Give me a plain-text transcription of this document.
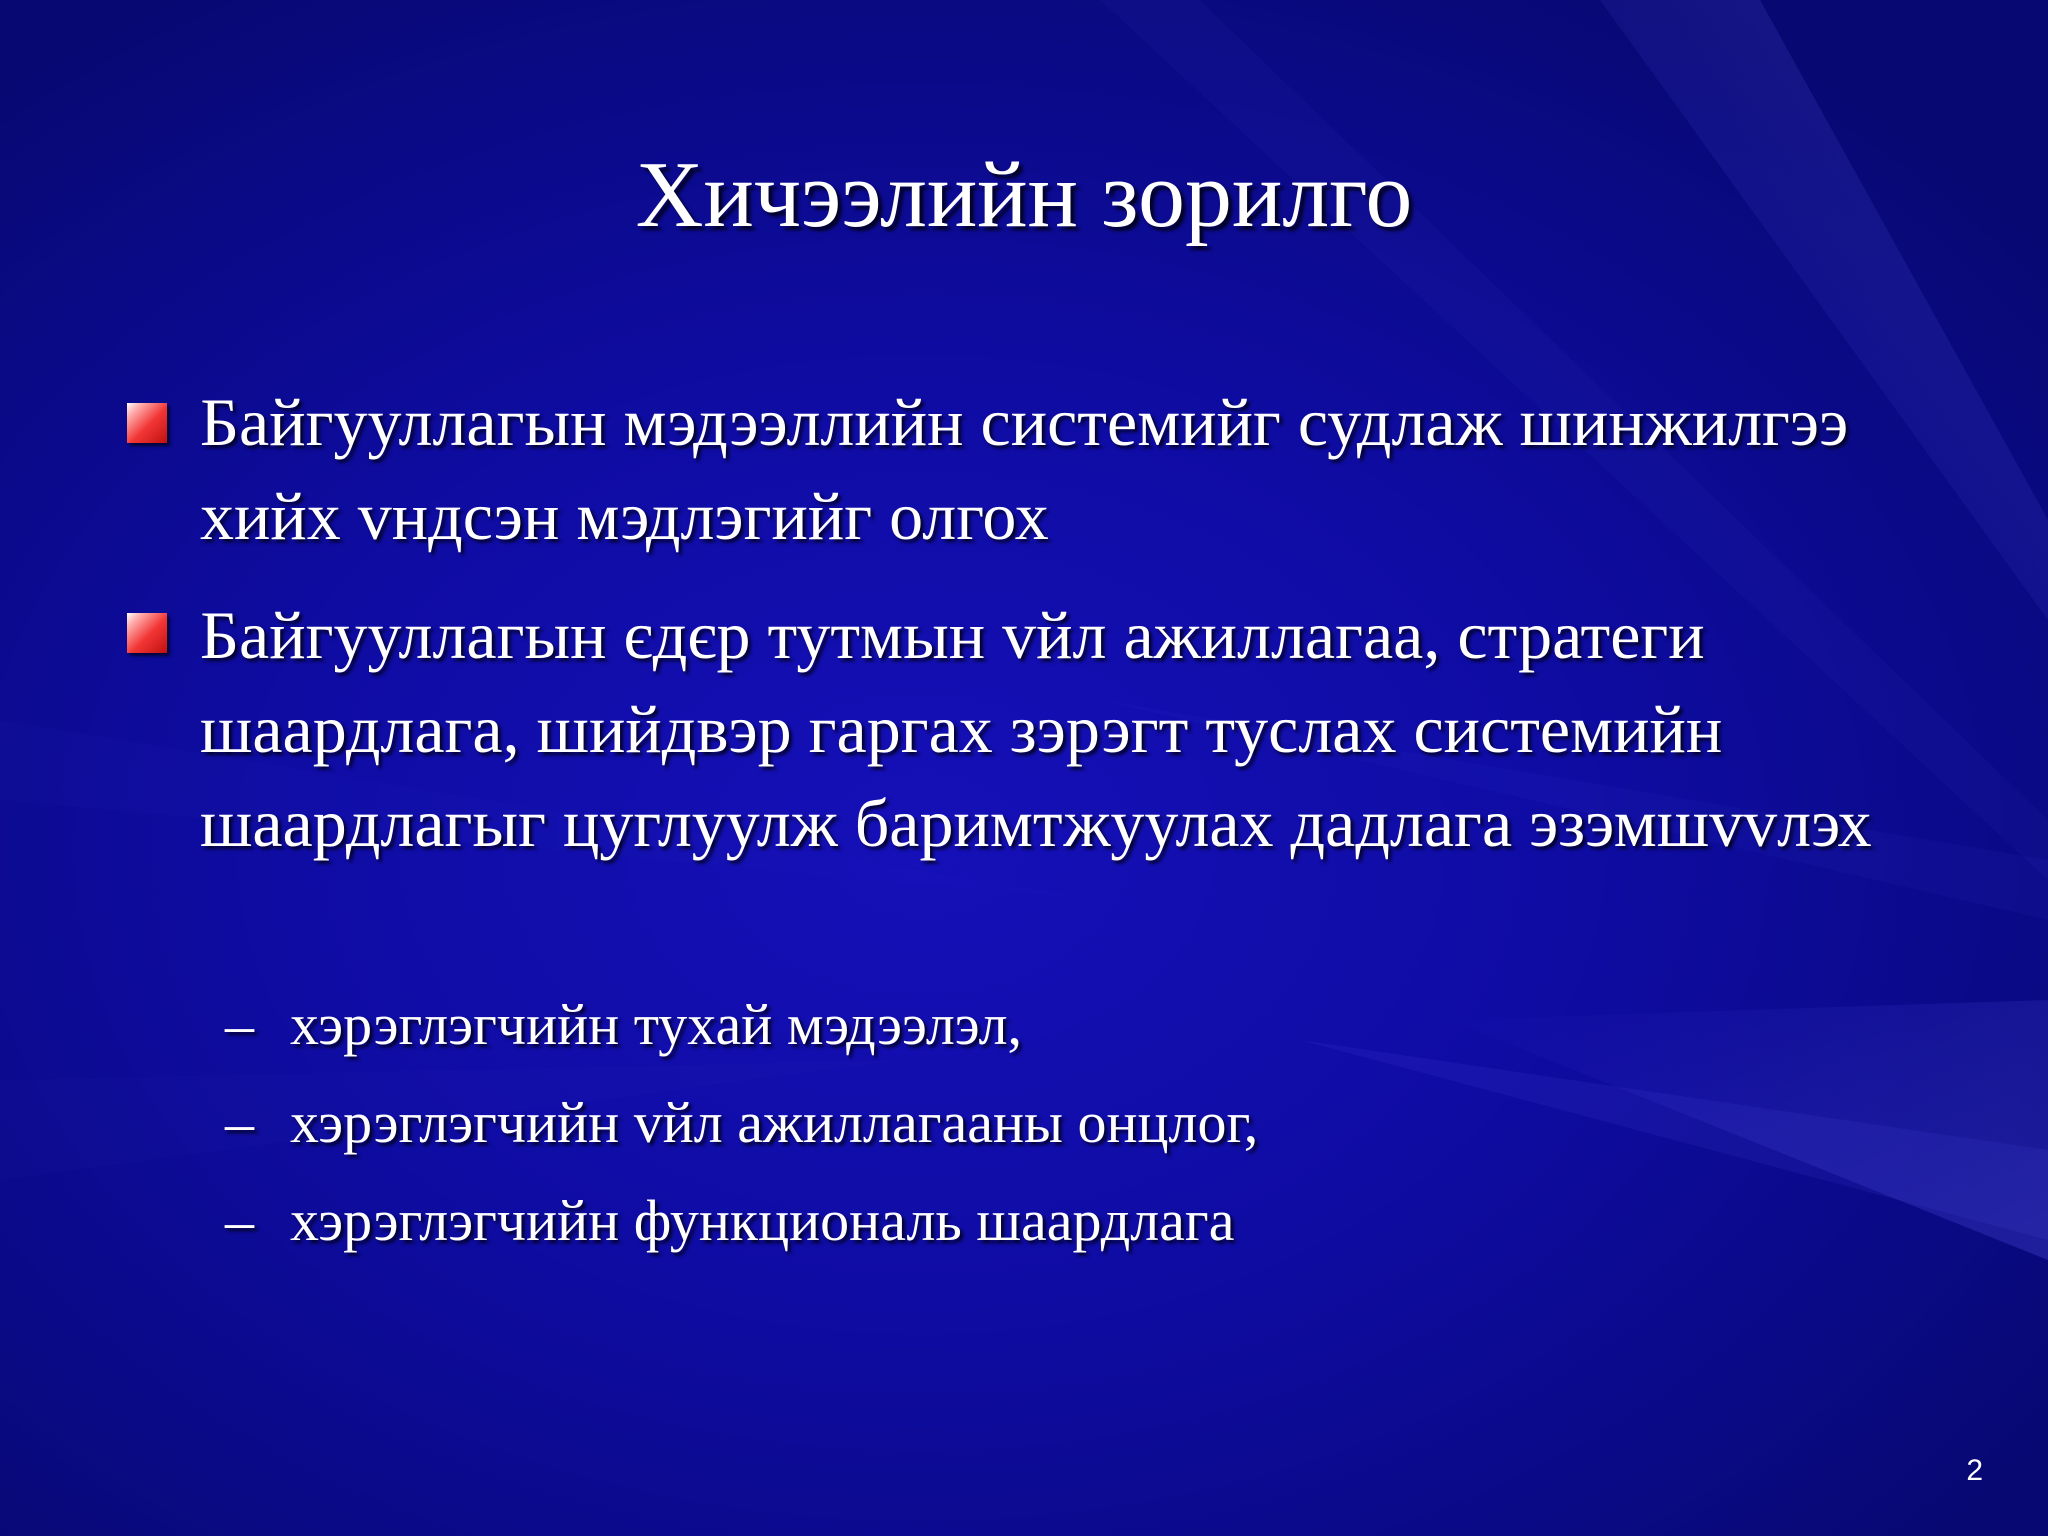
Хичээлийн зорилго
Байгууллагын мэдээллийн системийг судлаж шинжилгээ хийх vндсэн мэдлэгийг олгох
Байгууллагын єдєр тутмын vйл ажиллагаа, стратеги шаардлага, шийдвэр гаргах зэрэгт туслах системийн шаардлагыг цуглуулж баримтжуулах дадлага эзэмшvvлэх
– хэрэглэгчийн тухай мэдээлэл,
– хэрэглэгчийн vйл ажиллагааны онцлог,
– хэрэглэгчийн функциональ шаардлага
2
